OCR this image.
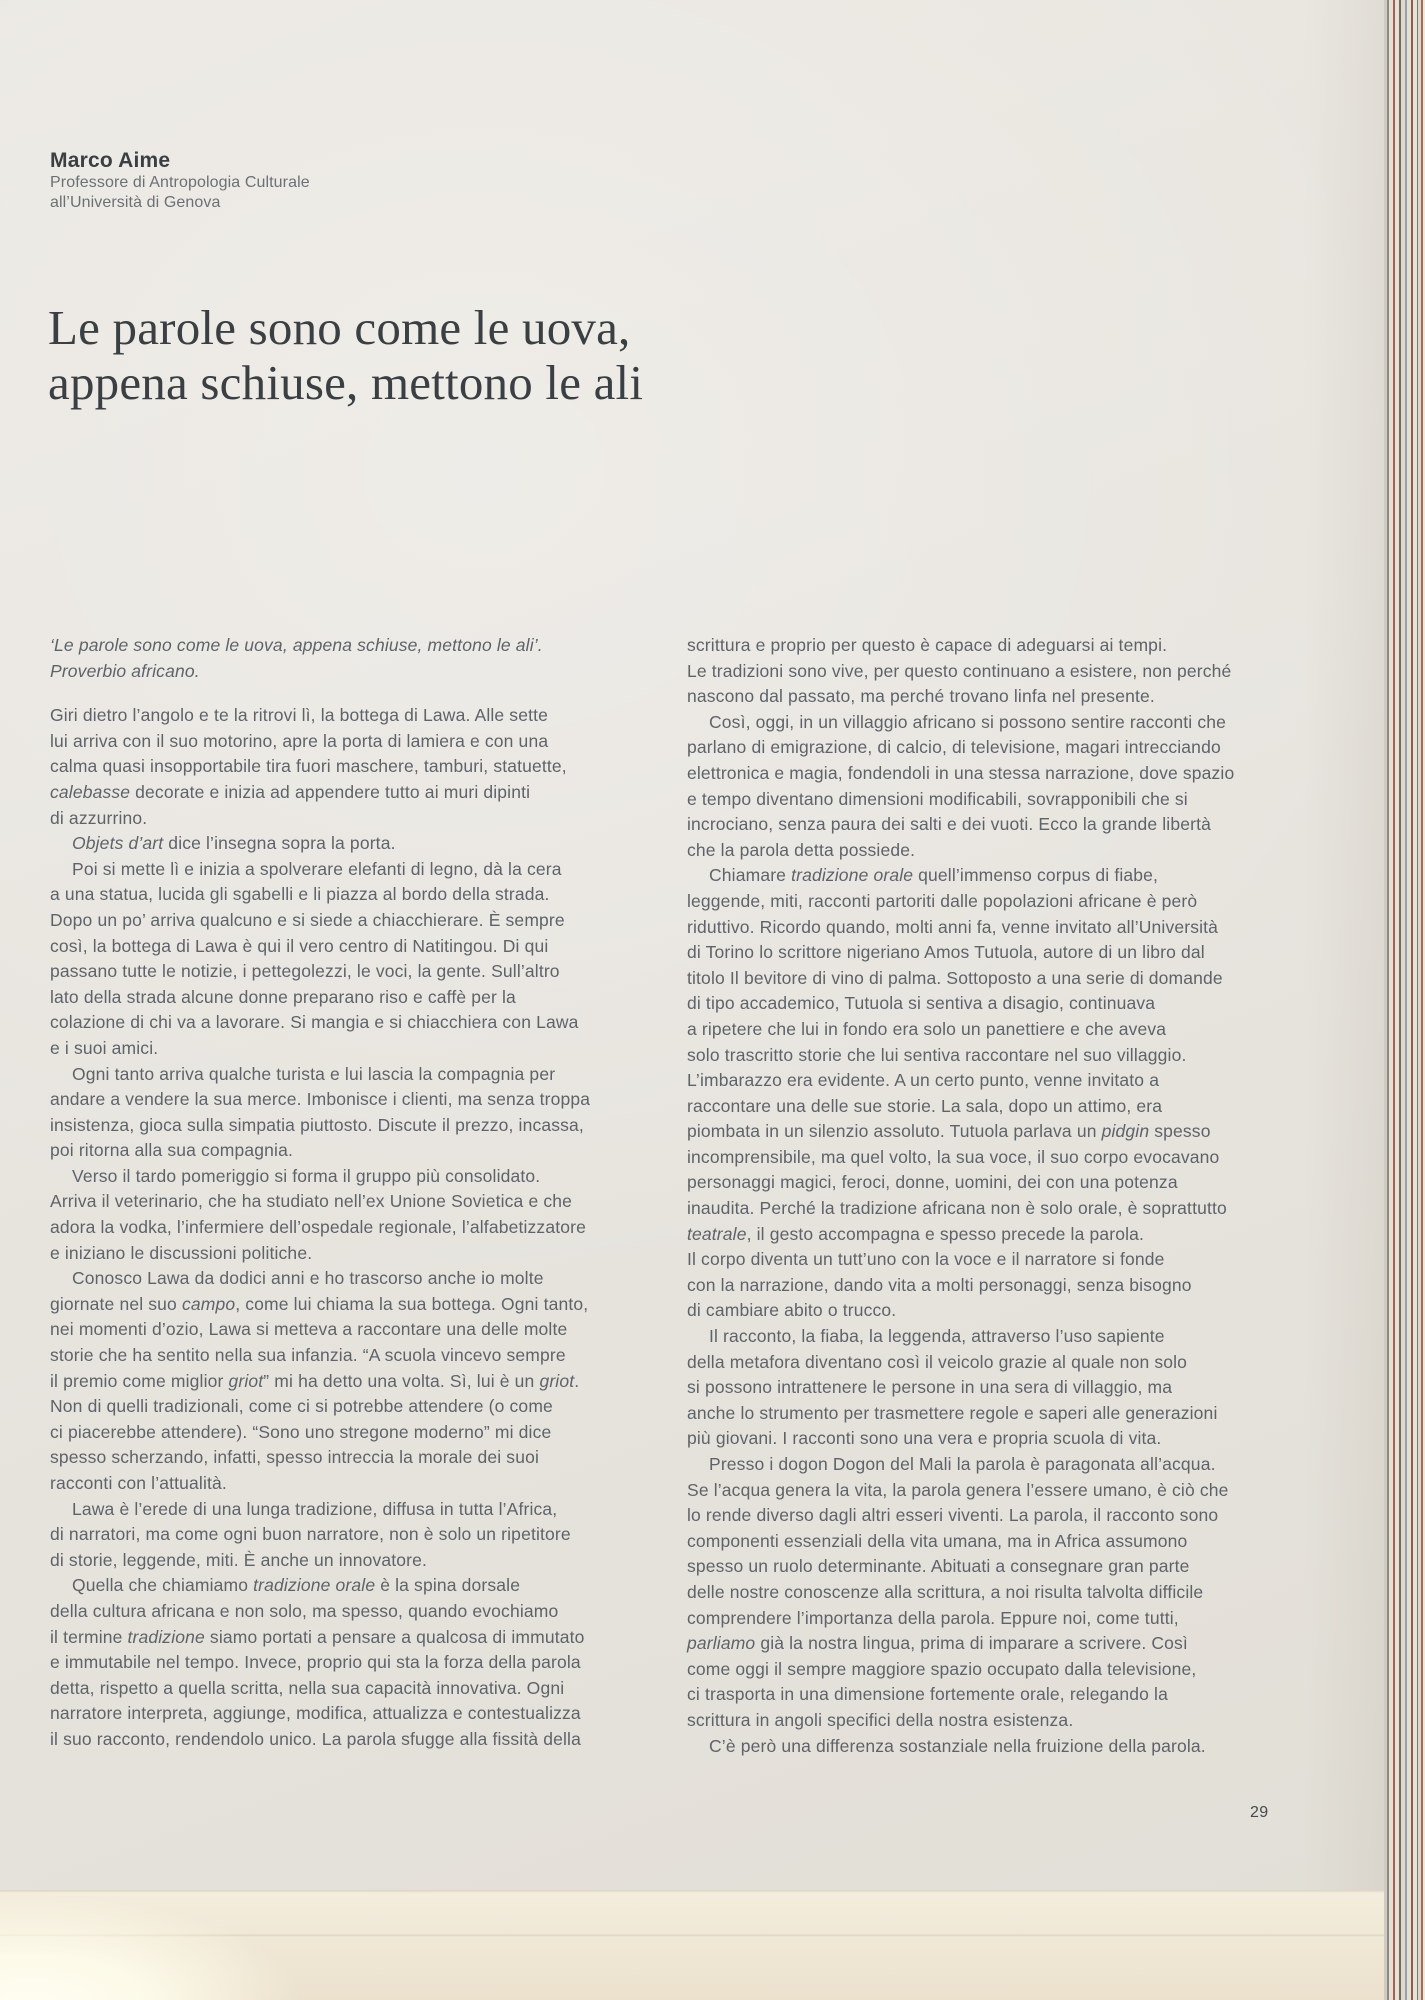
Marco Aime
Professore di Antropologia Culturale
all’Università di Genova
Le parole sono come le uova,
appena schiuse, mettono le ali
‘Le parole sono come le uova, appena schiuse, mettono le ali’.
Proverbio africano.
Giri dietro l’angolo e te la ritrovi lì, la bottega di Lawa. Alle sette
lui arriva con il suo motorino, apre la porta di lamiera e con una
calma quasi insopportabile tira fuori maschere, tamburi, statuette,
calebasse decorate e inizia ad appendere tutto ai muri dipinti
di azzurrino.
Objets d’art dice l’insegna sopra la porta.
Poi si mette lì e inizia a spolverare elefanti di legno, dà la cera
a una statua, lucida gli sgabelli e li piazza al bordo della strada.
Dopo un po’ arriva qualcuno e si siede a chiacchierare. È sempre
così, la bottega di Lawa è qui il vero centro di Natitingou. Di qui
passano tutte le notizie, i pettegolezzi, le voci, la gente. Sull’altro
lato della strada alcune donne preparano riso e caffè per la
colazione di chi va a lavorare. Si mangia e si chiacchiera con Lawa
e i suoi amici.
Ogni tanto arriva qualche turista e lui lascia la compagnia per
andare a vendere la sua merce. Imbonisce i clienti, ma senza troppa
insistenza, gioca sulla simpatia piuttosto. Discute il prezzo, incassa,
poi ritorna alla sua compagnia.
Verso il tardo pomeriggio si forma il gruppo più consolidato.
Arriva il veterinario, che ha studiato nell’ex Unione Sovietica e che
adora la vodka, l’infermiere dell’ospedale regionale, l’alfabetizzatore
e iniziano le discussioni politiche.
Conosco Lawa da dodici anni e ho trascorso anche io molte
giornate nel suo campo, come lui chiama la sua bottega. Ogni tanto,
nei momenti d’ozio, Lawa si metteva a raccontare una delle molte
storie che ha sentito nella sua infanzia. “A scuola vincevo sempre
il premio come miglior griot” mi ha detto una volta. Sì, lui è un griot.
Non di quelli tradizionali, come ci si potrebbe attendere (o come
ci piacerebbe attendere). “Sono uno stregone moderno” mi dice
spesso scherzando, infatti, spesso intreccia la morale dei suoi
racconti con l’attualità.
Lawa è l’erede di una lunga tradizione, diffusa in tutta l’Africa,
di narratori, ma come ogni buon narratore, non è solo un ripetitore
di storie, leggende, miti. È anche un innovatore.
Quella che chiamiamo tradizione orale è la spina dorsale
della cultura africana e non solo, ma spesso, quando evochiamo
il termine tradizione siamo portati a pensare a qualcosa di immutato
e immutabile nel tempo. Invece, proprio qui sta la forza della parola
detta, rispetto a quella scritta, nella sua capacità innovativa. Ogni
narratore interpreta, aggiunge, modifica, attualizza e contestualizza
il suo racconto, rendendolo unico. La parola sfugge alla fissità della
scrittura e proprio per questo è capace di adeguarsi ai tempi.
Le tradizioni sono vive, per questo continuano a esistere, non perché
nascono dal passato, ma perché trovano linfa nel presente.
Così, oggi, in un villaggio africano si possono sentire racconti che
parlano di emigrazione, di calcio, di televisione, magari intrecciando
elettronica e magia, fondendoli in una stessa narrazione, dove spazio
e tempo diventano dimensioni modificabili, sovrapponibili che si
incrociano, senza paura dei salti e dei vuoti. Ecco la grande libertà
che la parola detta possiede.
Chiamare tradizione orale quell’immenso corpus di fiabe,
leggende, miti, racconti partoriti dalle popolazioni africane è però
riduttivo. Ricordo quando, molti anni fa, venne invitato all’Università
di Torino lo scrittore nigeriano Amos Tutuola, autore di un libro dal
titolo Il bevitore di vino di palma. Sottoposto a una serie di domande
di tipo accademico, Tutuola si sentiva a disagio, continuava
a ripetere che lui in fondo era solo un panettiere e che aveva
solo trascritto storie che lui sentiva raccontare nel suo villaggio.
L’imbarazzo era evidente. A un certo punto, venne invitato a
raccontare una delle sue storie. La sala, dopo un attimo, era
piombata in un silenzio assoluto. Tutuola parlava un pidgin spesso
incomprensibile, ma quel volto, la sua voce, il suo corpo evocavano
personaggi magici, feroci, donne, uomini, dei con una potenza
inaudita. Perché la tradizione africana non è solo orale, è soprattutto
teatrale, il gesto accompagna e spesso precede la parola.
Il corpo diventa un tutt’uno con la voce e il narratore si fonde
con la narrazione, dando vita a molti personaggi, senza bisogno
di cambiare abito o trucco.
Il racconto, la fiaba, la leggenda, attraverso l’uso sapiente
della metafora diventano così il veicolo grazie al quale non solo
si possono intrattenere le persone in una sera di villaggio, ma
anche lo strumento per trasmettere regole e saperi alle generazioni
più giovani. I racconti sono una vera e propria scuola di vita.
Presso i dogon Dogon del Mali la parola è paragonata all’acqua.
Se l’acqua genera la vita, la parola genera l’essere umano, è ciò che
lo rende diverso dagli altri esseri viventi. La parola, il racconto sono
componenti essenziali della vita umana, ma in Africa assumono
spesso un ruolo determinante. Abituati a consegnare gran parte
delle nostre conoscenze alla scrittura, a noi risulta talvolta difficile
comprendere l’importanza della parola. Eppure noi, come tutti,
parliamo già la nostra lingua, prima di imparare a scrivere. Così
come oggi il sempre maggiore spazio occupato dalla televisione,
ci trasporta in una dimensione fortemente orale, relegando la
scrittura in angoli specifici della nostra esistenza.
C’è però una differenza sostanziale nella fruizione della parola.
29
